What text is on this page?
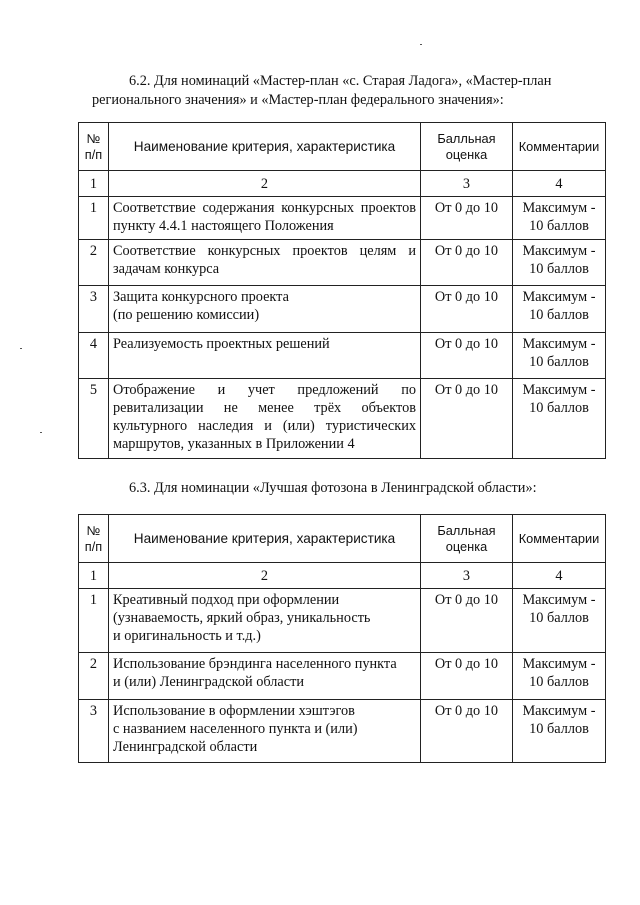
6.2. Для номинаций «Мастер-план «с. Старая Ладога», «Мастер-план
регионального значения» и «Мастер-план федерального значения»:
№ п/п	Наименование критерия, характеристика	Балльная оценка	Комментарии
1	2	3	4
1	Соответствие содержания конкурсных проектов пункту 4.4.1 настоящего Положения	От 0 до 10	Максимум - 10 баллов
2	Соответствие конкурсных проектов целям и задачам конкурса	От 0 до 10	Максимум - 10 баллов
3	Защита конкурсного проекта
(по решению комиссии)	От 0 до 10	Максимум - 10 баллов
4	Реализуемость проектных решений	От 0 до 10	Максимум - 10 баллов
5	Отображение и учет предложений по ревитализации не менее трёх объектов культурного наследия и (или) туристических маршрутов, указанных в Приложении 4	От 0 до 10	Максимум - 10 баллов
6.3. Для номинации «Лучшая фотозона в Ленинградской области»:
№ п/п	Наименование критерия, характеристика	Балльная оценка	Комментарии
1	2	3	4
1	Креативный подход при оформлении
(узнаваемость, яркий образ, уникальность
и оригинальность и т.д.)	От 0 до 10	Максимум - 10 баллов
2	Использование брэндинга населенного пункта
и (или) Ленинградской области	От 0 до 10	Максимум - 10 баллов
3	Использование в оформлении хэштэгов
с названием населенного пункта и (или)
Ленинградской области	От 0 до 10	Максимум - 10 баллов
